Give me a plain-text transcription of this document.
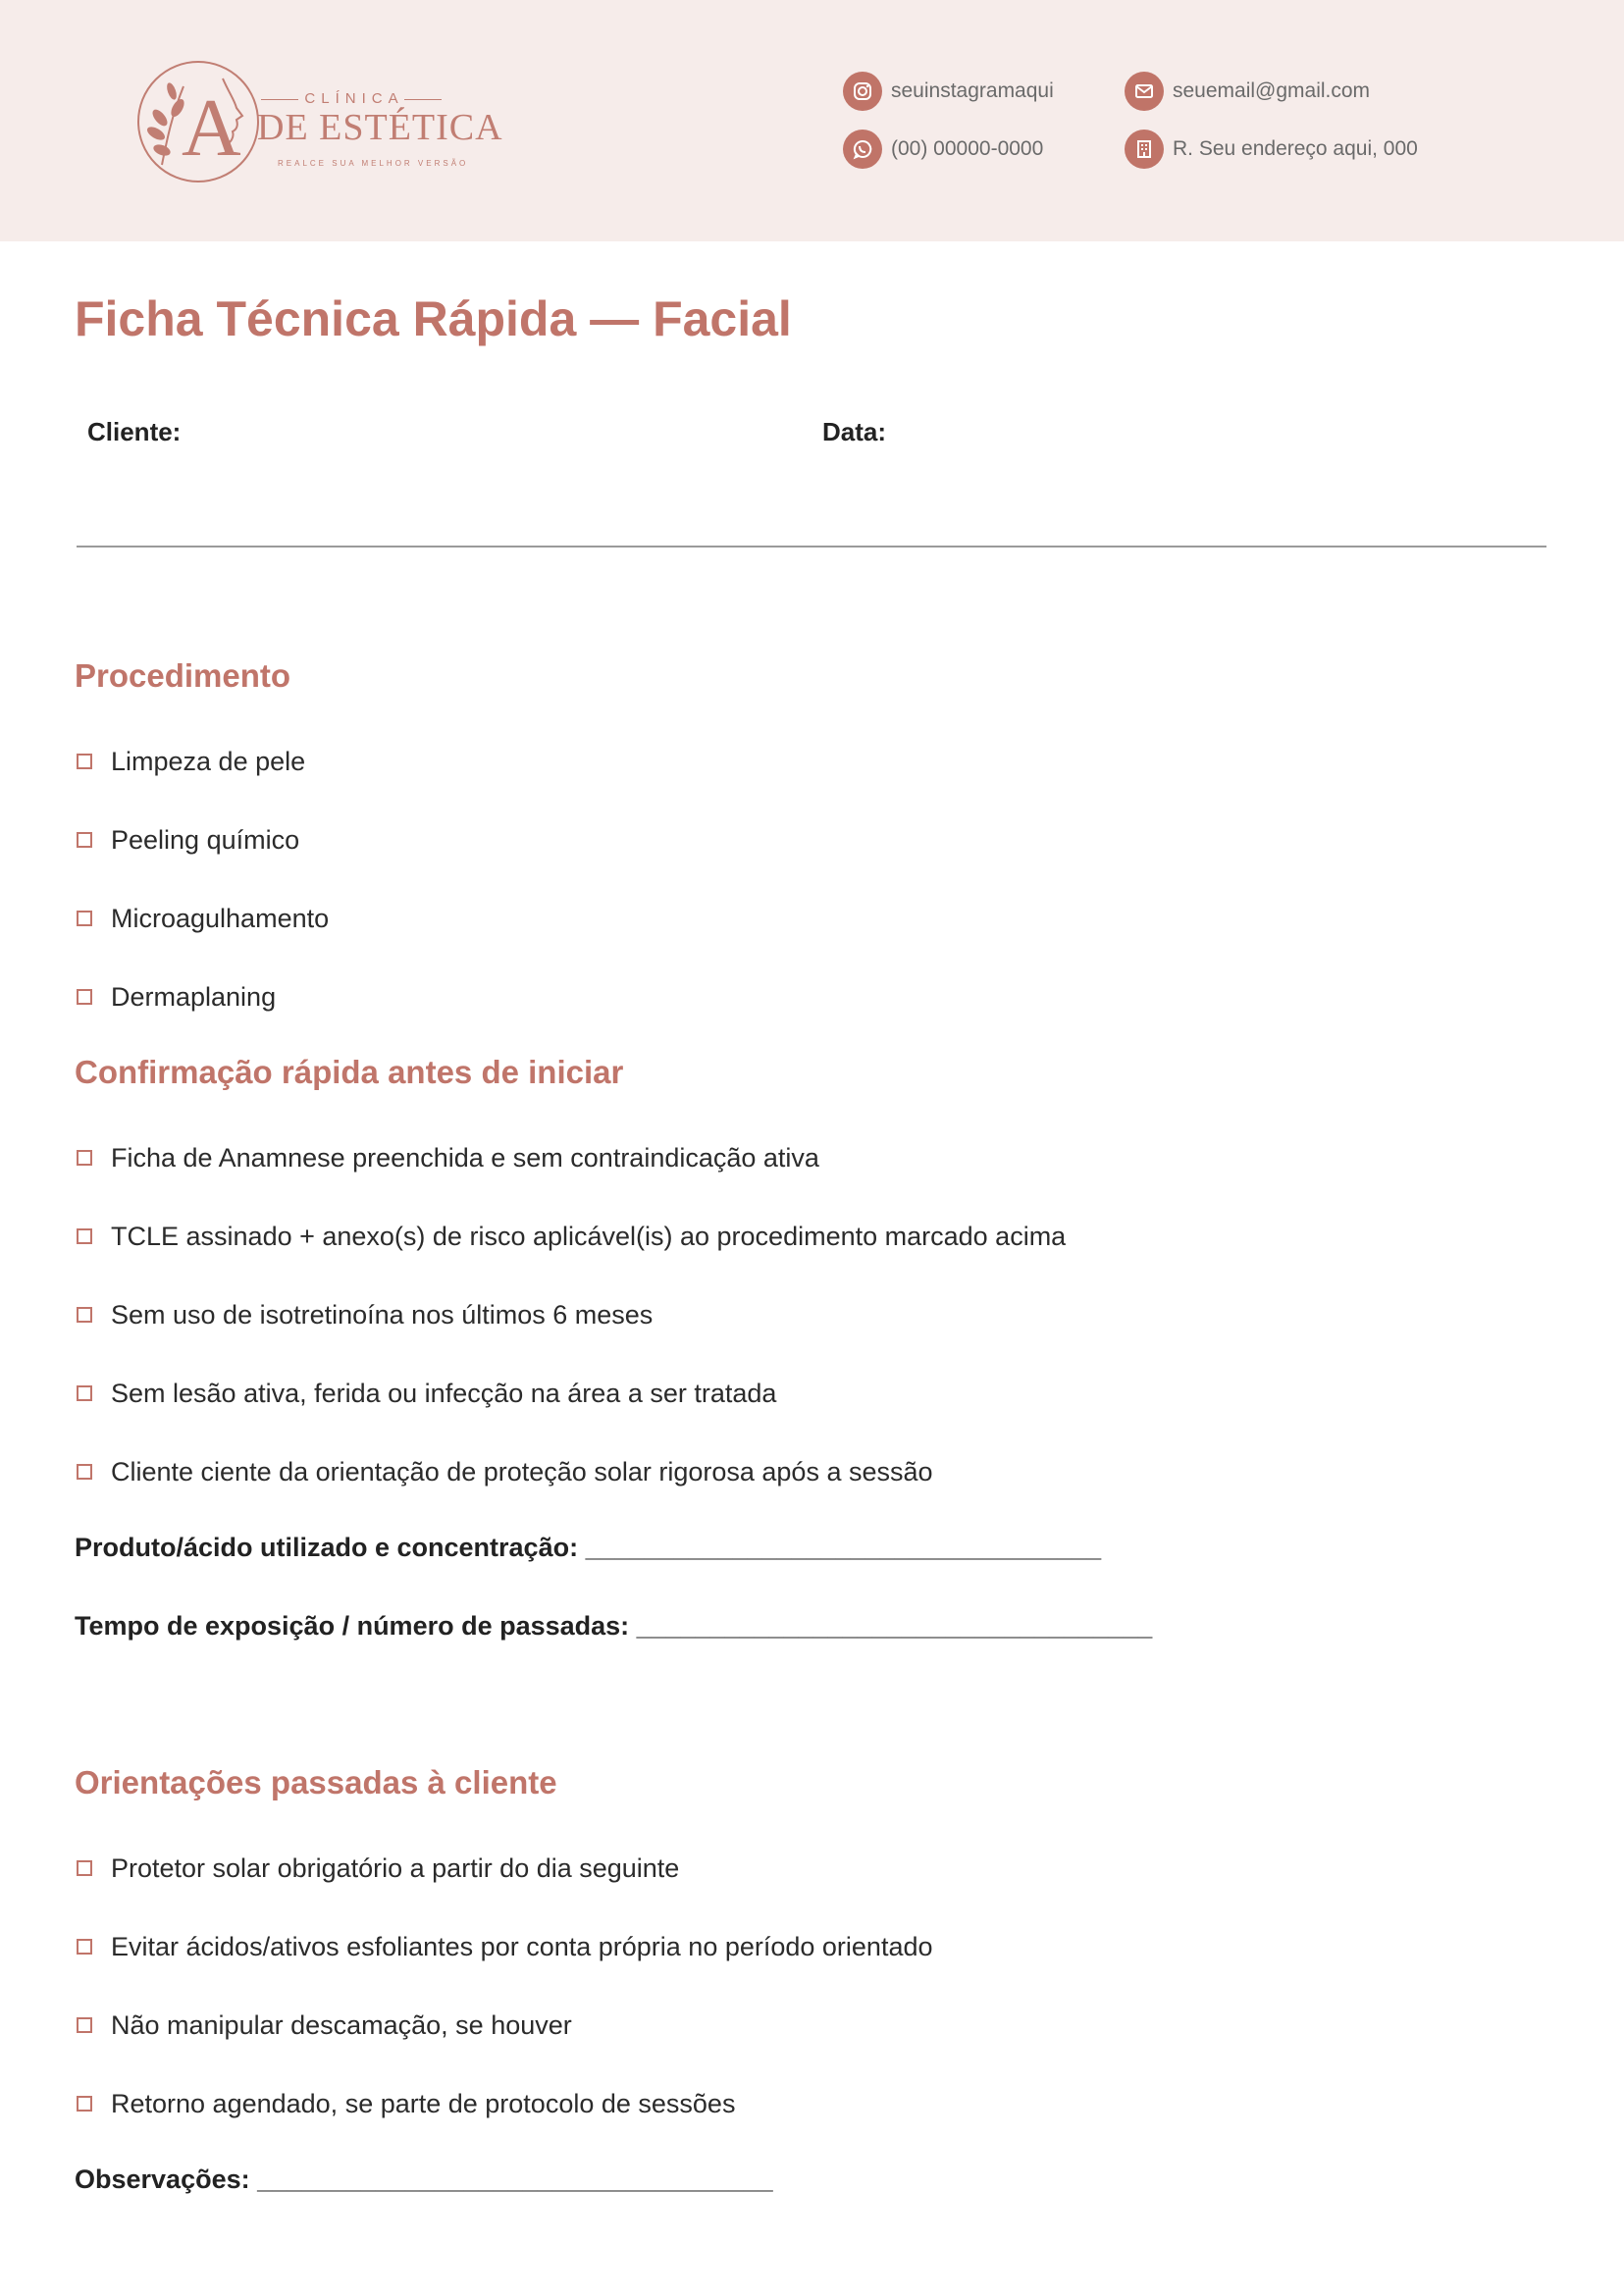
A	CLÍNICA
DE ESTÉTICA
REALCE SUA MELHOR VERSÃO
seuinstagramaqui	seuemail@gmail.com
(00) 00000-0000	R. Seu endereço aqui, 000
Ficha Técnica Rápida — Facial
Cliente:	Data:
Procedimento
Limpeza de pele
Peeling químico
Microagulhamento
Dermaplaning
Confirmação rápida antes de iniciar
Ficha de Anamnese preenchida e sem contraindicação ativa
TCLE assinado + anexo(s) de risco aplicável(is) ao procedimento marcado acima
Sem uso de isotretinoína nos últimos 6 meses
Sem lesão ativa, ferida ou infecção na área a ser tratada
Cliente ciente da orientação de proteção solar rigorosa após a sessão
Produto/ácido utilizado e concentração: ___________________________________
Tempo de exposição / número de passadas: ___________________________________
Orientações passadas à cliente
Protetor solar obrigatório a partir do dia seguinte
Evitar ácidos/ativos esfoliantes por conta própria no período orientado
Não manipular descamação, se houver
Retorno agendado, se parte de protocolo de sessões
Observações: ___________________________________
